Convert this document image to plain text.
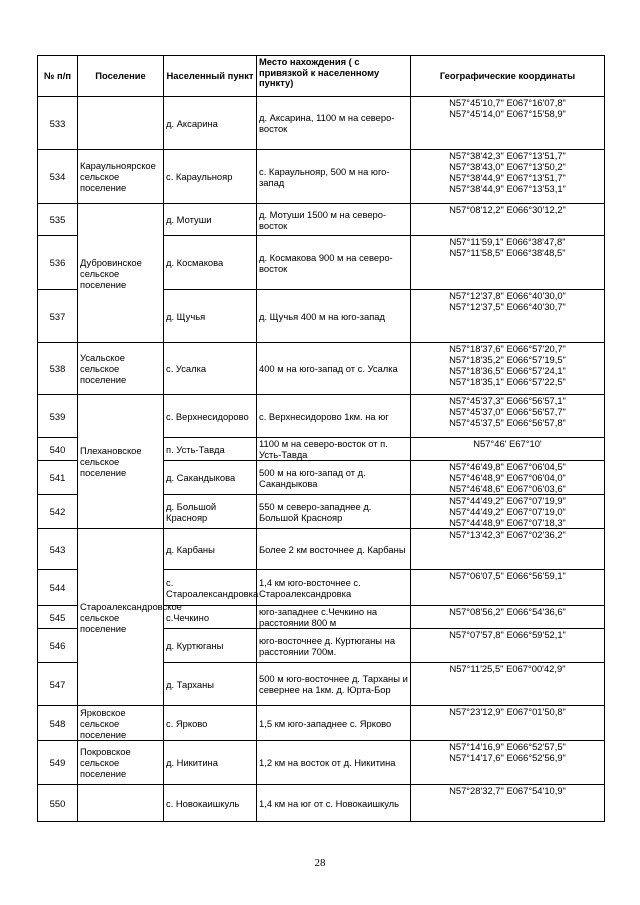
№ п/п	Поселение	Населенный пункт	Место нахождения ( с привязкой к населенному пункту)	Географические координаты
533		д. Аксарина	д. Аксарина, 1100 м на северо-восток	N57°45'10,7" E067°16'07,8"
N57°45'14,0" E067°15'58,9"

534	Караульноярское сельское поселение	с. Караульнояр	с. Караульнояр, 500 м на юго-запад	N57°38'42,3" E067°13'51,7"
N57°38'43,0" E067°13'50,2"
N57°38'44,9" E067°13'51,7"
N57°38'44,9" E067°13'53,1"

535	Дубровинское сельское поселение	д. Мотуши	д. Мотуши 1500 м на северо-восток	N57°08'12,2" E066°30'12,2"

536		д. Космакова	д. Космакова 900 м на северо-восток	N57°11'59,1" E066°38'47,8"
N57°11'58,5" E066°38'48,5"

537		д. Щучья	д. Щучья 400 м на юго-запад	N57°12'37,8" E066°40'30,0"
N57°12'37,5" E066°40'30,7"

538	Усальское сельское поселение	с. Усалка	400 м на юго-запад от с. Усалка	N57°18'37,6" E066°57'20,7"
N57°18'35,2" E066°57'19,5"
N57°18'36,5" E066°57'24,1"
N57°18'35,1" E066°57'22,5"

539	Плехановское сельское поселение	с. Верхнесидорово	с. Верхнесидорово 1км. на юг	N57°45'37,3" E066°56'57,1"
N57°45'37,0" E066°56'57,7"
N57°45'37,5" E066°56'57,8"

540		п. Усть-Тавда	1100 м на северо-восток от п. Усть-Тавда	N57°46' E67°10'

541		д. Сакандыкова	500 м на юго-запад от д. Сакандыкова	N57°46'49,8" E067°06'04,5"
N57°46'48,9" E067°06'04,0"
N57°46'48,6" E067°06'03,6"

542		д. Большой Краснояр	550 м северо-западнее д. Большой Краснояр	N57°44'49,2" E067°07'19,9"
N57°44'49,2" E067°07'19,0"
N57°44'48,9" E067°07'18,3"

543	Староалександровское сельское поселение	д. Карбаны	Более 2 км восточнее д. Карбаны	N57°13'42,3" E067°02'36,2"

544		с. Староалександровка	1,4 км юго-восточнее с. Староалександровка	N57°06'07,5" E066°56'59,1"

545		с.Чечкино	юго-западнее с.Чечкино на расстоянии 800 м	N57°08'56,2" E066°54'36,6"

546		д. Куртюганы	юго-восточнее д. Куртюганы на расстоянии 700м.	N57°07'57,8" E066°59'52,1"

547		д. Тарханы	500 м юго-восточнее д. Тарханы и севернее на 1км. д. Юрта-Бор	N57°11'25,5" E067°00'42,9"

548	Ярковское сельское поселение	с. Ярково	1,5 км юго-западнее с. Ярково	N57°23'12,9" E067°01'50,8"

549	Покровское сельское поселение	д. Никитина	1,2 км на восток от д. Никитина	N57°14'16,9" E066°52'57,5"
N57°14'17,6" E066°52'56,9"

550		с. Новокаишкуль	1,4 км на юг от с. Новокаишкуль	N57°28'32,7" E067°54'10,9"
28
